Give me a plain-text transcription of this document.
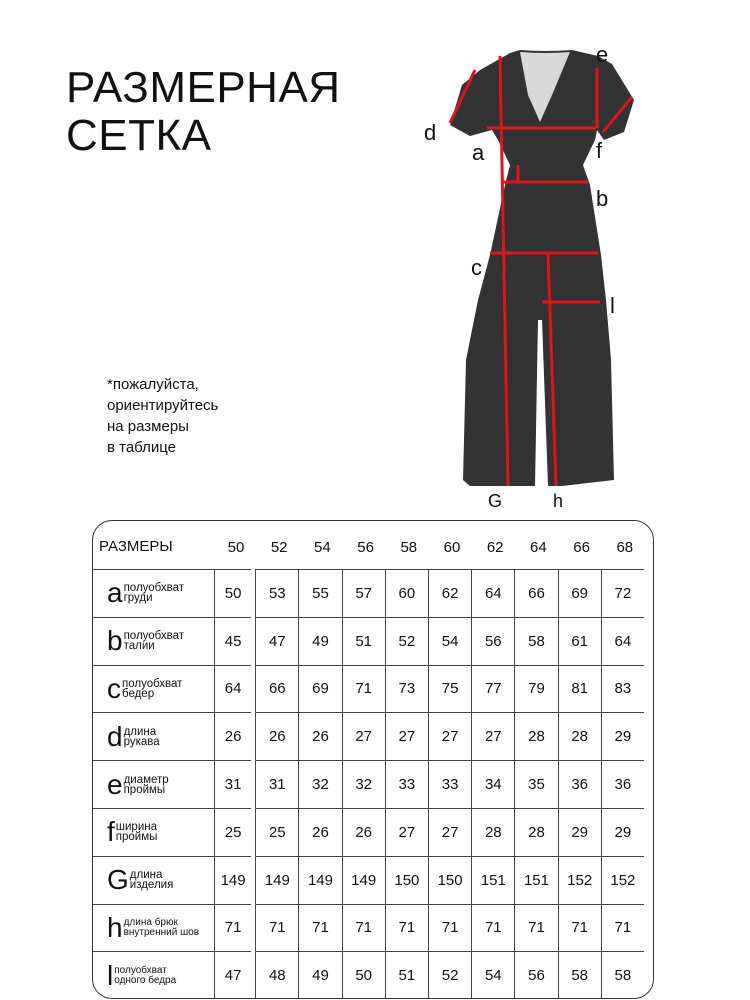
РАЗМЕРНАЯ
СЕТКА
*пожалуйста,
ориентируйтесь
на размеры
в таблице
e
d
a	f
b
c
l
G	h
РАЗМЕРЫ	50	52	54	56	58	60	62	64	66	68
a полуобхват
груди	50	53	55	57	60	62	64	66	69	72
b полуобхват
талии	45	47	49	51	52	54	56	58	61	64
c полуобхват
бедер	64	66	69	71	73	75	77	79	81	83
d длина
рукава	26	26	26	27	27	27	27	28	28	29
e диаметр
проймы	31	31	32	32	33	33	34	35	36	36
f ширина
проймы	25	25	26	26	27	27	28	28	29	29
G длина
изделия	149	149	149	149	150	150	151	151	152	152
h длина брюк
внутренний шов	71	71	71	71	71	71	71	71	71	71
l полуобхват
одного бедра	47	48	49	50	51	52	54	56	58	58
